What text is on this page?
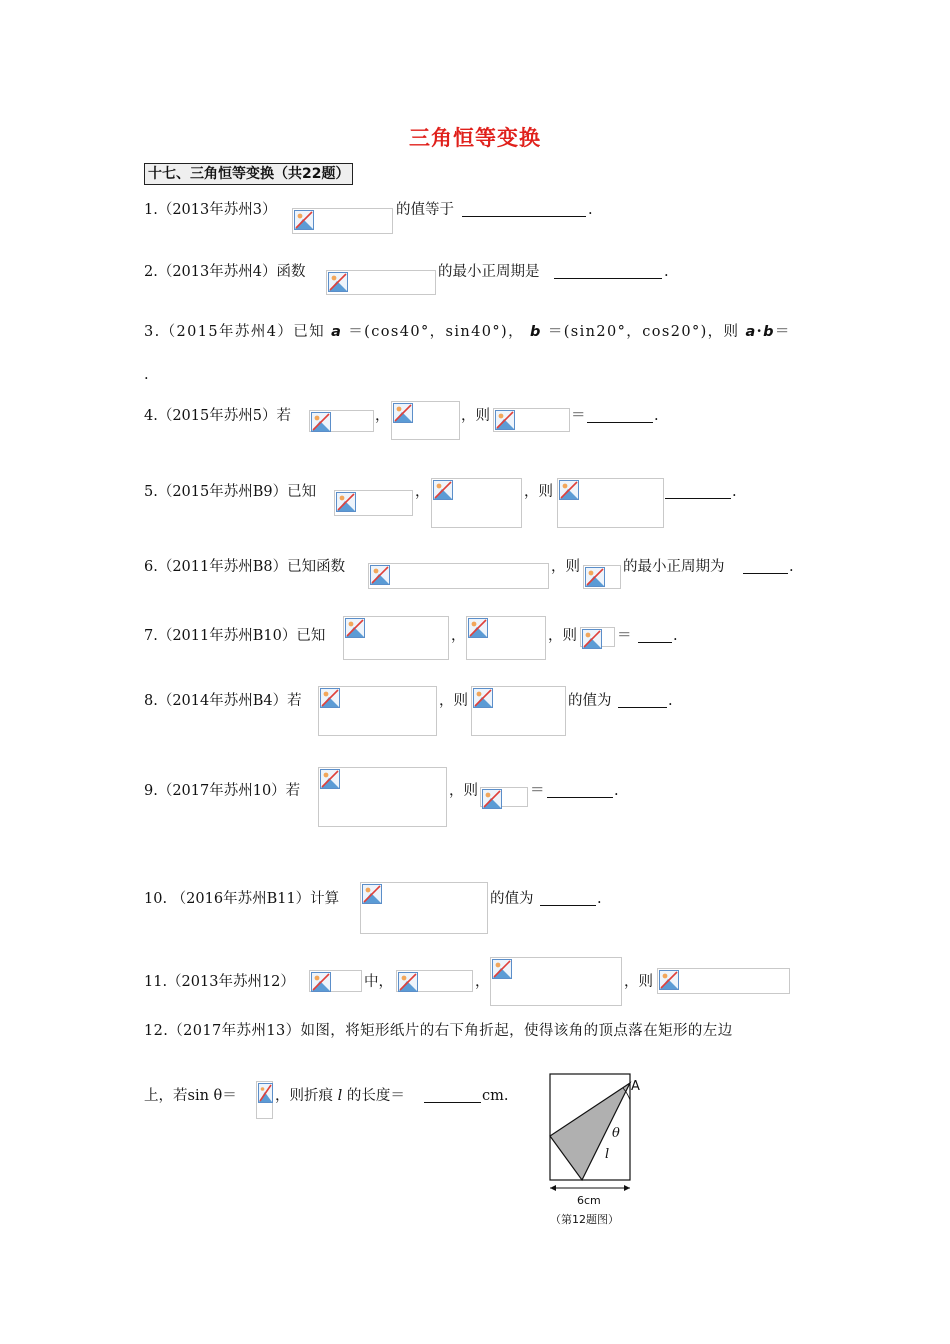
三角恒等变换
十七、三角恒等变换（共22题）
1.（2013年苏州3）	的值等于	.
2.（2013年苏州4）函数	的最小正周期是	.
3.（2015年苏州4）已知 a ＝(cos40°，sin40°)， b ＝(sin20°，cos20°)，则 a·b＝
.
4.（2015年苏州5）若	，	，则	＝	.
5.（2015年苏州B9）已知	，	，则	.
6.（2011年苏州B8）已知函数	，则	的最小正周期为	.
7.（2011年苏州B10）已知	，	，则	＝	.
8.（2014年苏州B4）若	，则	的值为	.
9.（2017年苏州10）若	，则	＝	.
10. （2016年苏州B11）计算	的值为	.
11.（2013年苏州12）	中，	，	，则
12.（2017年苏州13）如图，将矩形纸片的右下角折起，使得该角的顶点落在矩形的左边
上，若sin θ＝	，则折痕 l 的长度＝	cm.
A
θ
l
6cm
（第12题图）
